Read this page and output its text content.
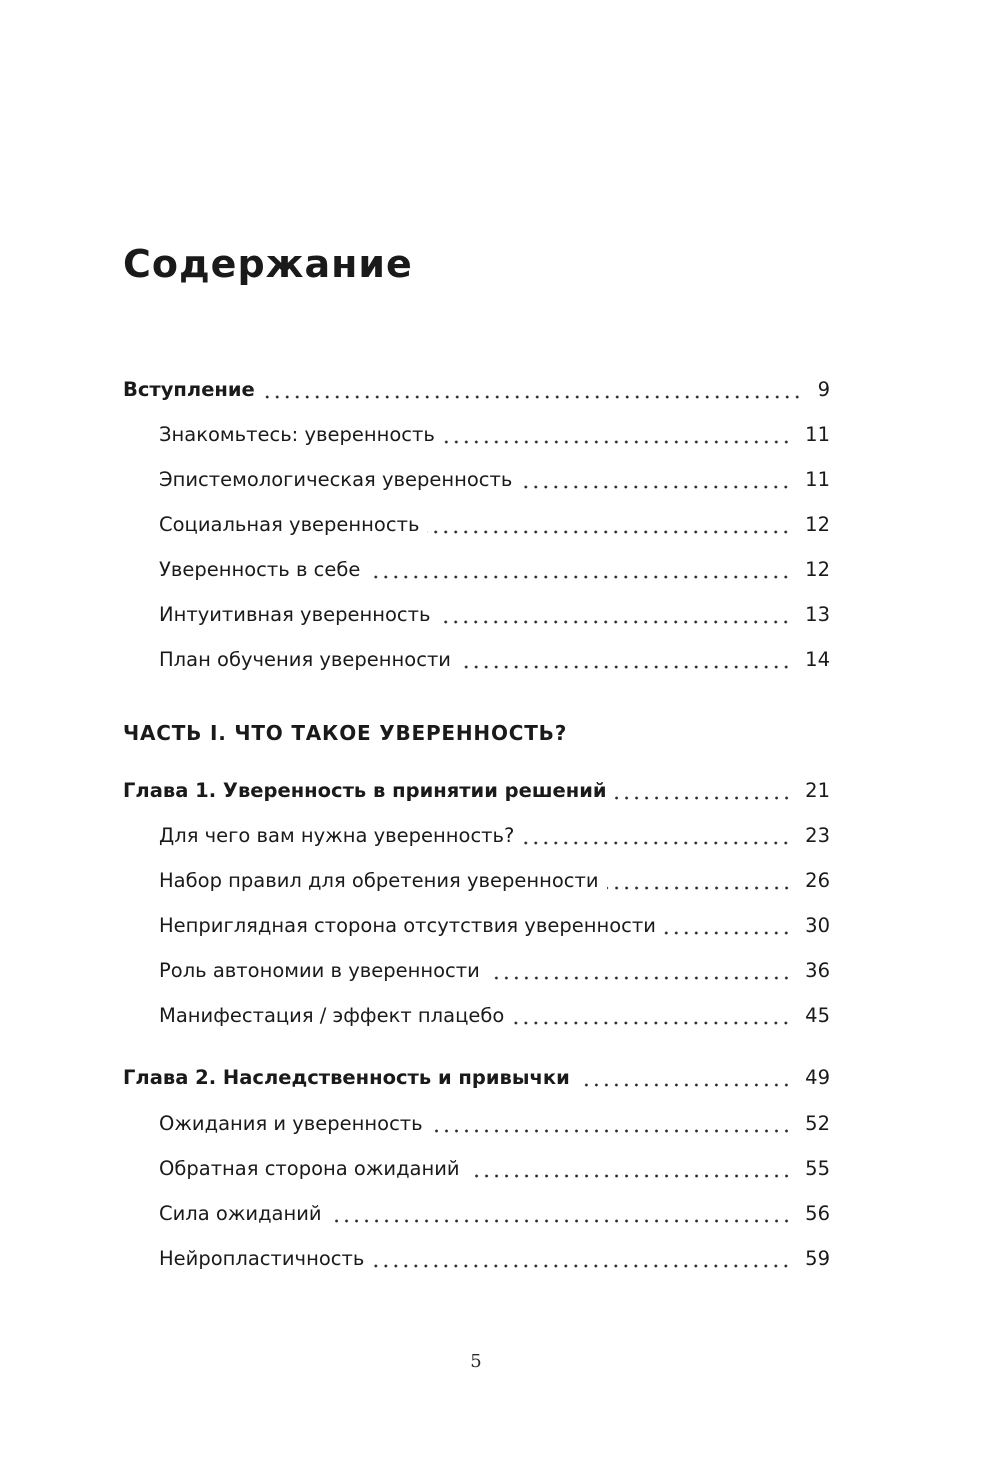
Содержание
Вступление	9
Знакомьтесь: уверенность	11
Эпистемологическая уверенность	11
Социальная уверенность	12
Уверенность в себе	12
Интуитивная уверенность	13
План обучения уверенности	14
ЧАСТЬ I. ЧТО ТАКОЕ УВЕРЕННОСТЬ?
Глава 1. Уверенность в принятии решений	21
Для чего вам нужна уверенность?	23
Набор правил для обретения уверенности	26
Неприглядная сторона отсутствия уверенности	30
Роль автономии в уверенности	36
Манифестация / эффект плацебо	45
Глава 2. Наследственность и привычки	49
Ожидания и уверенность	52
Обратная сторона ожиданий	55
Сила ожиданий	56
Нейропластичность	59
5
